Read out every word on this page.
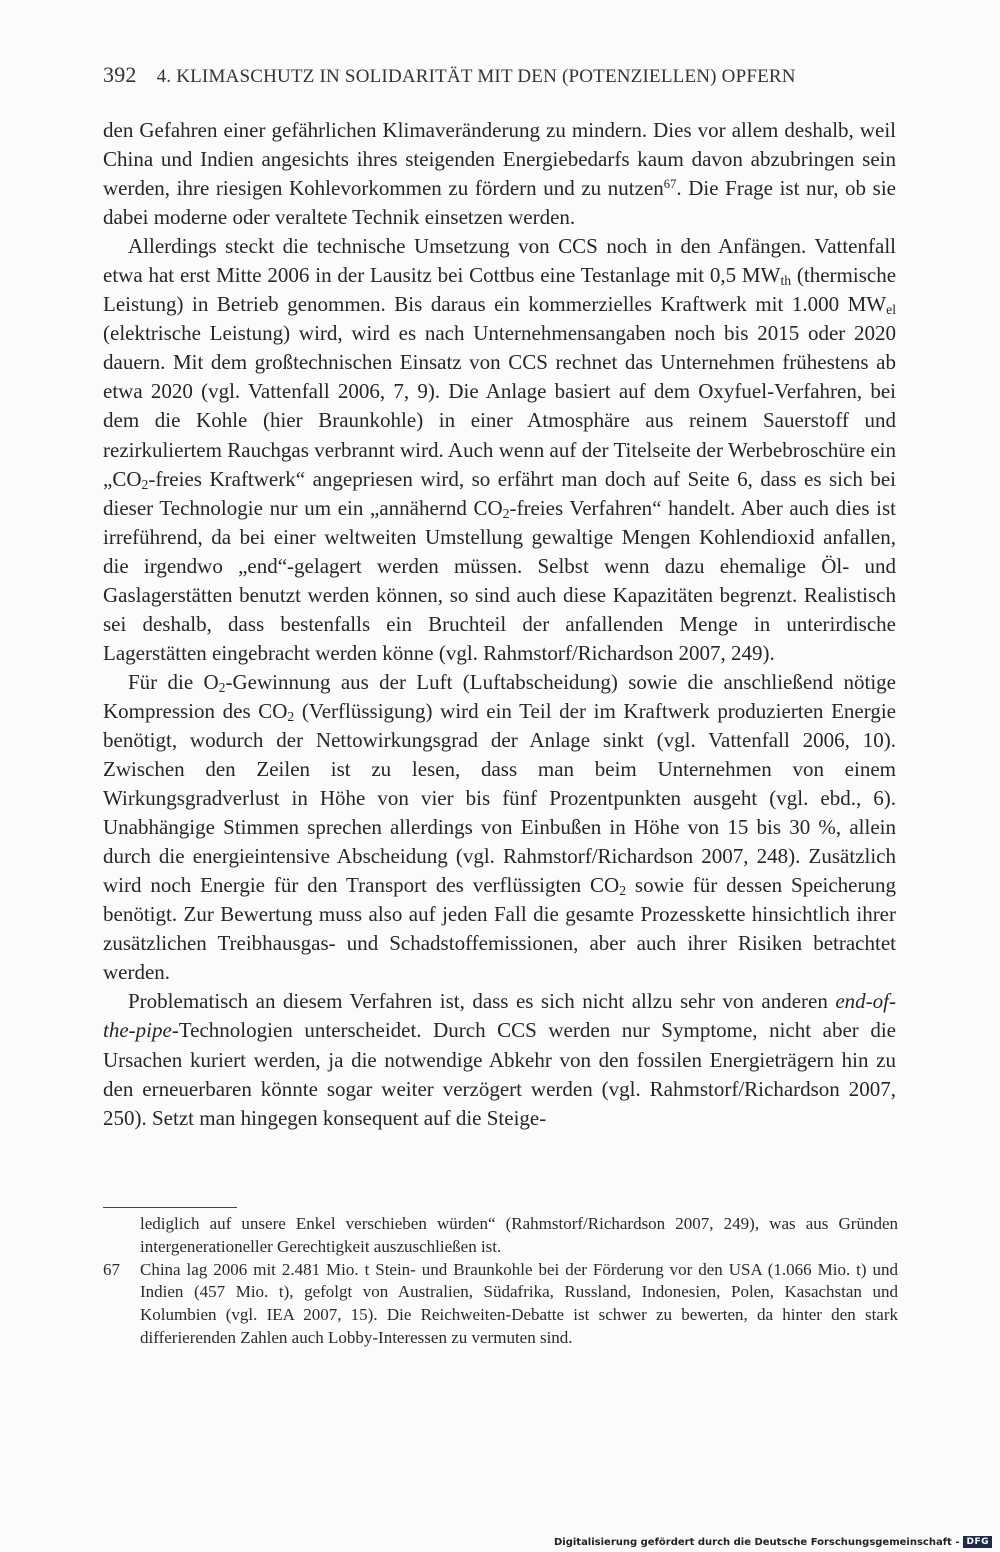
392 4. KLIMASCHUTZ IN SOLIDARITÄT MIT DEN (POTENZIELLEN) OPFERN

den Gefahren einer gefährlichen Klimaveränderung zu mindern. Dies vor allem deshalb, weil China und Indien angesichts ihres steigenden Energiebedarfs kaum davon abzubringen sein werden, ihre riesigen Kohlevorkommen zu fördern und zu nutzen$^{67}$. Die Frage ist nur, ob sie dabei moderne oder veraltete Technik einsetzen werden.

Allerdings steckt die technische Umsetzung von CCS noch in den Anfängen. Vattenfall etwa hat erst Mitte 2006 in der Lausitz bei Cottbus eine Testanlage mit 0,5 $MW_{th}$ (thermische Leistung) in Betrieb genommen. Bis daraus ein kommerzielles Kraftwerk mit 1.000 $MW_{el}$ (elektrische Leistung) wird, wird es nach Unternehmensangaben noch bis 2015 oder 2020 dauern. Mit dem großtechnischen Einsatz von CCS rechnet das Unternehmen frühestens ab etwa 2020 (vgl. Vattenfall 2006, 7, 9). Die Anlage basiert auf dem Oxyfuel-Verfahren, bei dem die Kohle (hier Braunkohle) in einer Atmosphäre aus reinem Sauerstoff und rezirkuliertem Rauchgas verbrannt wird. Auch wenn auf der Titelseite der Werbebroschüre ein $„CO_2$-freies Kraftwerk“ angepriesen wird, so erfährt man doch auf Seite 6, dass es sich bei dieser Technologie nur um ein „annähernd $CO_2$-freies Verfahren“ handelt. Aber auch dies ist irreführend, da bei einer weltweiten Umstellung gewaltige Mengen Kohlendioxid anfallen, die irgendwo „end“-gelagert werden müssen. Selbst wenn dazu ehemalige Öl- und Gaslagerstätten benutzt werden können, so sind auch diese Kapazitäten begrenzt. Realistisch sei deshalb, dass bestenfalls ein Bruchteil der anfallenden Menge in unterirdische Lagerstätten eingebracht werden könne (vgl. Rahmstorf/Richardson 2007, 249).

Für die $O_2$-Gewinnung aus der Luft (Luftabscheidung) sowie die anschließend nötige Kompression des $CO_2$ (Verflüssigung) wird ein Teil der im Kraftwerk produzierten Energie benötigt, wodurch der Nettowirkungsgrad der Anlage sinkt (vgl. Vattenfall 2006, 10). Zwischen den Zeilen ist zu lesen, dass man beim Unternehmen von einem Wirkungsgradverlust in Höhe von vier bis fünf Prozentpunkten ausgeht (vgl. ebd., 6). Unabhängige Stimmen sprechen allerdings von Einbußen in Höhe von 15 bis 30 %, allein durch die energieintensive Abscheidung (vgl. Rahmstorf/Richardson 2007, 248). Zusätzlich wird noch Energie für den Transport des verflüssigten $CO_2$ sowie für dessen Speicherung benötigt. Zur Bewertung muss also auf jeden Fall die gesamte Prozesskette hinsichtlich ihrer zusätzlichen Treibhausgas- und Schadstoffemissionen, aber auch ihrer Risiken betrachtet werden.

Problematisch an diesem Verfahren ist, dass es sich nicht allzu sehr von anderen end-of-the-pipe-Technologien unterscheidet. Durch CCS werden nur Symptome, nicht aber die Ursachen kuriert werden, ja die notwendige Abkehr von den fossilen Energieträgern hin zu den erneuerbaren könnte sogar weiter verzögert werden (vgl. Rahmstorf/Richardson 2007, 250). Setzt man hingegen konsequent auf die Steige-

lediglich auf unsere Enkel verschieben würden“ (Rahmstorf/Richardson 2007, 249), was aus Gründen intergenerationeller Gerechtigkeit auszuschließen ist.

67	China lag 2006 mit 2.481 Mio. t Stein- und Braunkohle bei der Förderung vor den USA (1.066 Mio. t) und Indien (457 Mio. t), gefolgt von Australien, Südafrika, Russland, Indonesien, Polen, Kasachstan und Kolumbien (vgl. IEA 2007, 15). Die Reichweiten-Debatte ist schwer zu bewerten, da hinter den stark differierenden Zahlen auch Lobby-Interessen zu vermuten sind.
Digitalisierung gefördert durch die Deutsche Forschungsgemeinschaft - DFG
